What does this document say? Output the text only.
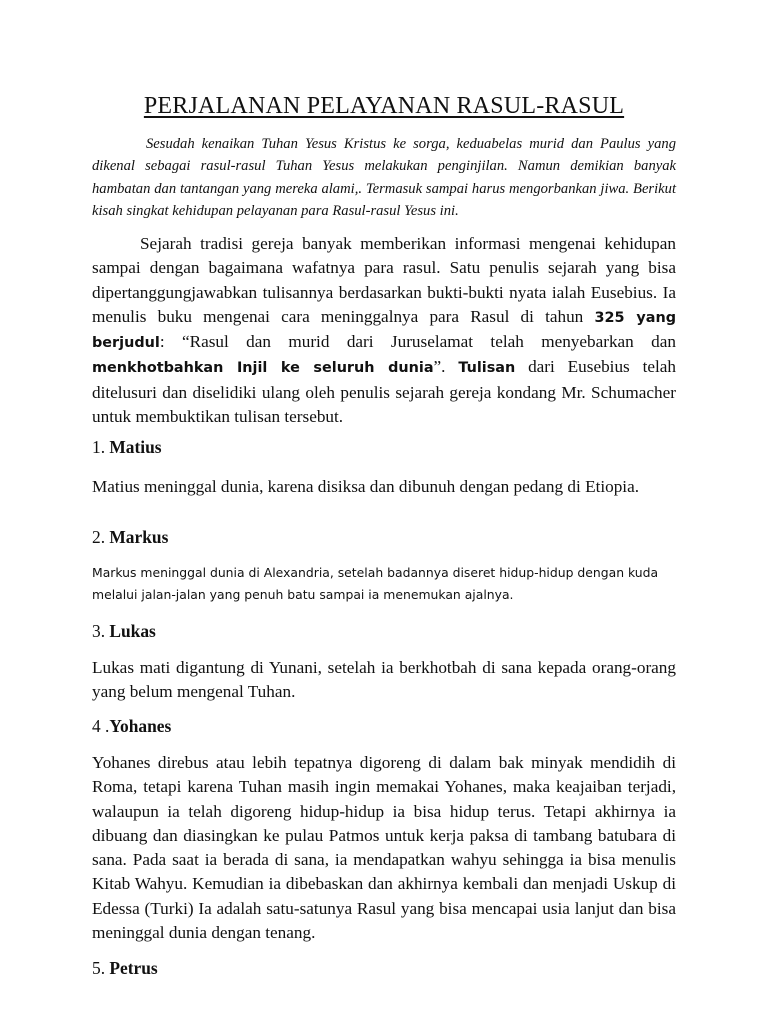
PERJALANAN PELAYANAN RASUL-RASUL
Sesudah kenaikan Tuhan Yesus Kristus ke sorga, keduabelas murid dan Paulus yang dikenal sebagai rasul-rasul Tuhan Yesus melakukan penginjilan. Namun demikian banyak hambatan dan tantangan yang mereka alami,. Termasuk sampai harus mengorbankan jiwa. Berikut kisah singkat kehidupan pelayanan para Rasul-rasul Yesus ini.
Sejarah tradisi gereja banyak memberikan informasi mengenai kehidupan sampai dengan bagaimana wafatnya para rasul. Satu penulis sejarah yang bisa dipertanggungjawabkan tulisannya berdasarkan bukti-bukti nyata ialah Eusebius. Ia menulis buku mengenai cara meninggalnya para Rasul di tahun 325 yang berjudul: “Rasul dan murid dari Juruselamat telah menyebarkan dan menkhotbahkan Injil ke seluruh dunia”. Tulisan dari Eusebius telah ditelusuri dan diselidiki ulang oleh penulis sejarah gereja kondang Mr. Schumacher untuk membuktikan tulisan tersebut.
1. Matius
Matius meninggal dunia, karena disiksa dan dibunuh dengan pedang di Etiopia.
2. Markus
Markus meninggal dunia di Alexandria, setelah badannya diseret hidup-hidup dengan kuda melalui jalan-jalan yang penuh batu sampai ia menemukan ajalnya.
3. Lukas
Lukas mati digantung di Yunani, setelah ia berkhotbah di sana kepada orang-orang yang belum mengenal Tuhan.
4 .Yohanes
Yohanes direbus atau lebih tepatnya digoreng di dalam bak minyak mendidih di Roma, tetapi karena Tuhan masih ingin memakai Yohanes, maka keajaiban terjadi, walaupun ia telah digoreng hidup-hidup ia bisa hidup terus. Tetapi akhirnya ia dibuang dan diasingkan ke pulau Patmos untuk kerja paksa di tambang batubara di sana. Pada saat ia berada di sana, ia mendapatkan wahyu sehingga ia bisa menulis Kitab Wahyu. Kemudian ia dibebaskan dan akhirnya kembali dan menjadi Uskup di Edessa (Turki) Ia adalah satu-satunya Rasul yang bisa mencapai usia lanjut dan bisa meninggal dunia dengan tenang.
5. Petrus
